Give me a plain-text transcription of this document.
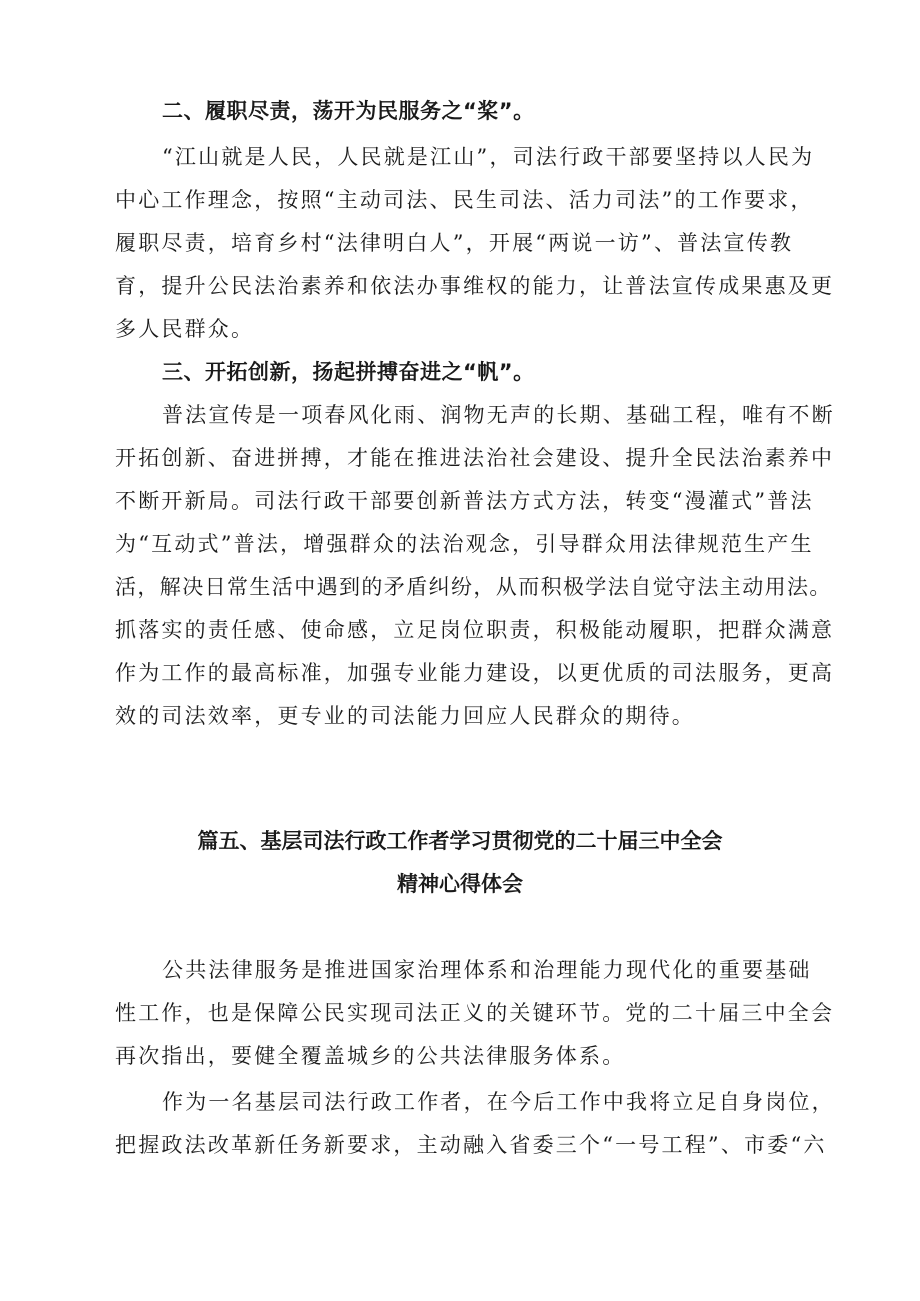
二、履职尽责，荡开为民服务之“桨”。
“江山就是人民，人民就是江山”，司法行政干部要坚持以人民为
中心工作理念，按照“主动司法、民生司法、活力司法”的工作要求，
履职尽责，培育乡村“法律明白人”，开展“两说一访”、普法宣传教
育，提升公民法治素养和依法办事维权的能力，让普法宣传成果惠及更
多人民群众。
三、开拓创新，扬起拼搏奋进之“帆”。
普法宣传是一项春风化雨、润物无声的长期、基础工程，唯有不断
开拓创新、奋进拼搏，才能在推进法治社会建设、提升全民法治素养中
不断开新局。司法行政干部要创新普法方式方法，转变“漫灌式”普法
为“互动式”普法，增强群众的法治观念，引导群众用法律规范生产生
活，解决日常生活中遇到的矛盾纠纷，从而积极学法自觉守法主动用法。
抓落实的责任感、使命感，立足岗位职责，积极能动履职，把群众满意
作为工作的最高标准，加强专业能力建设，以更优质的司法服务，更高
效的司法效率，更专业的司法能力回应人民群众的期待。
篇五、基层司法行政工作者学习贯彻党的二十届三中全会
精神心得体会
公共法律服务是推进国家治理体系和治理能力现代化的重要基础
性工作，也是保障公民实现司法正义的关键环节。党的二十届三中全会
再次指出，要健全覆盖城乡的公共法律服务体系。
作为一名基层司法行政工作者，在今后工作中我将立足自身岗位，
把握政法改革新任务新要求，主动融入省委三个“一号工程”、市委“六
